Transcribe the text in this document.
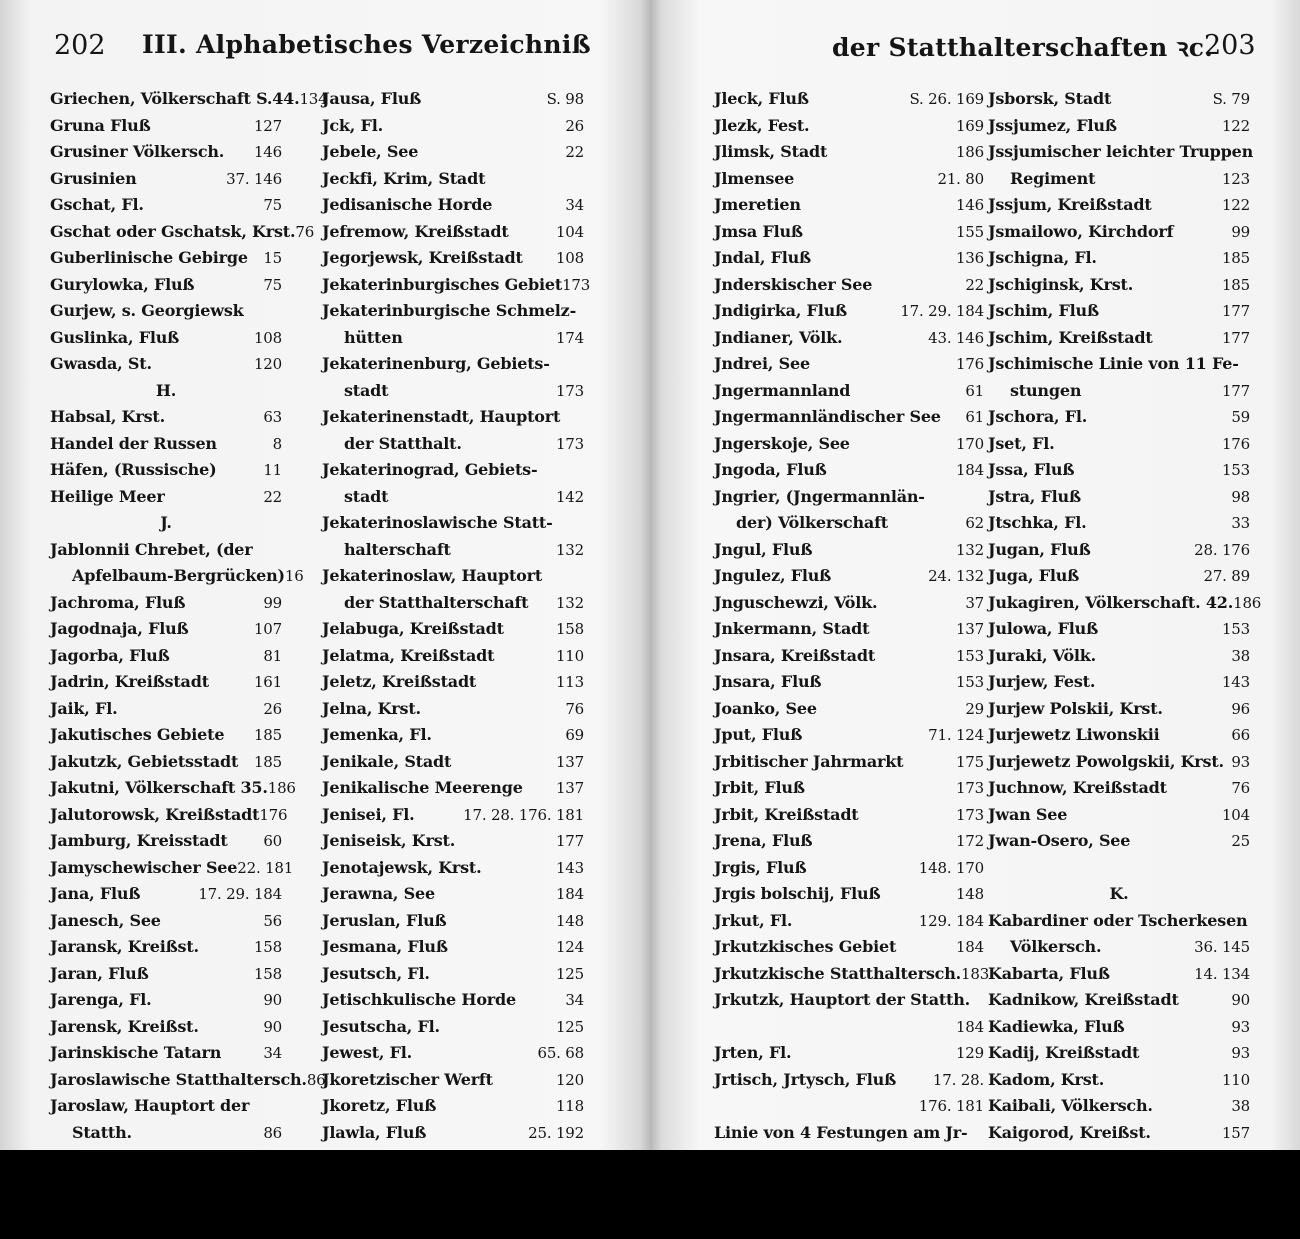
202 III. Alphabetisches Verzeichniß
Griechen, Völkerschaft S.44. 134
Gruna Fluß	127
Grusiner Völkersch.	146
Grusinien	37. 146
Gschat, Fl.	75
Gschat oder Gschatsk, Krst. 76
Guberlinische Gebirge	15
Gurylowka, Fluß	75
Gurjew, s. Georgiewsk
Guslinka, Fluß	108
Gwasda, St.	120
H.
Habsal, Krst.	63
Handel der Russen	8
Häfen, (Russische)	11
Heilige Meer	22
J.
Jablonnii Chrebet, (der
Apfelbaum-Bergrücken) 16
Jachroma, Fluß	99
Jagodnaja, Fluß	107
Jagorba, Fluß	81
Jadrin, Kreißstadt	161
Jaik, Fl.	26
Jakutisches Gebiete	185
Jakutzk, Gebietsstadt	185
Jakutni, Völkerschaft 35. 186
Jalutorowsk, Kreißstadt 176
Jamburg, Kreisstadt	60
Jamyschewischer See 22. 181
Jana, Fluß	17. 29. 184
Janesch, See	56
Jaransk, Kreißst.	158
Jaran, Fluß	158
Jarenga, Fl.	90
Jarensk, Kreißst.	90
Jarinskische Tatarn	34
Jaroslawische Statthaltersch. 86
Jaroslaw, Hauptort der
Statth.	86
Jausa, Fluß	S. 98
Jck, Fl.	26
Jebele, See	22
Jeckfi, Krim, Stadt
Jedisanische Horde	34
Jefremow, Kreißstadt	104
Jegorjewsk, Kreißstadt	108
Jekaterinburgisches Gebiet 173
Jekaterinburgische Schmelz-
hütten	174
Jekaterinenburg, Gebiets-
stadt	173
Jekaterinenstadt, Hauptort
der Statthalt.	173
Jekaterinograd, Gebiets-
stadt	142
Jekaterinoslawische Statt-
halterschaft	132
Jekaterinoslaw, Hauptort
der Statthalterschaft	132
Jelabuga, Kreißstadt	158
Jelatma, Kreißstadt	110
Jeletz, Kreißstadt	113
Jelna, Krst.	76
Jemenka, Fl.	69
Jenikale, Stadt	137
Jenikalische Meerenge	137
Jenisei, Fl.	17. 28. 176. 181
Jeniseisk, Krst.	177
Jenotajewsk, Krst.	143
Jerawna, See	184
Jeruslan, Fluß	148
Jesmana, Fluß	124
Jesutsch, Fl.	125
Jetischkulische Horde	34
Jesutscha, Fl.	125
Jewest, Fl.	65. 68
Jkoretzischer Werft	120
Jkoretz, Fluß	118
Jlawla, Fluß	25. 192
der Statthalterschaften ꝛc.
203
Jleck, Fluß	S. 26. 169
Jlezk, Fest.	169
Jlimsk, Stadt	186
Jlmensee	21. 80
Jmeretien	146
Jmsa Fluß	155
Jndal, Fluß	136
Jnderskischer See	22
Jndigirka, Fluß	17. 29. 184
Jndianer, Völk.	43. 146
Jndrei, See	176
Jngermannland	61
Jngermannländischer See	61
Jngerskoje, See	170
Jngoda, Fluß	184
Jngrier, (Jngermannlän-
der) Völkerschaft	62
Jngul, Fluß	132
Jngulez, Fluß	24. 132
Jnguschewzi, Völk.	37
Jnkermann, Stadt	137
Jnsara, Kreißstadt	153
Jnsara, Fluß	153
Joanko, See	29
Jput, Fluß	71. 124
Jrbitischer Jahrmarkt	175
Jrbit, Fluß	173
Jrbit, Kreißstadt	173
Jrena, Fluß	172
Jrgis, Fluß	148. 170
Jrgis bolschij, Fluß	148
Jrkut, Fl.	129. 184
Jrkutzkisches Gebiet	184
Jrkutzkische Statthaltersch. 183
Jrkutzk, Hauptort der Statth.
184
Jrten, Fl.	129
Jrtisch, Jrtysch, Fluß	17. 28.
176. 181
Linie von 4 Festungen am Jr-
Jsborsk, Stadt	S. 79
Jssjumez, Fluß	122
Jssjumischer leichter Truppen
Regiment	123
Jssjum, Kreißstadt	122
Jsmailowo, Kirchdorf	99
Jschigna, Fl.	185
Jschiginsk, Krst.	185
Jschim, Fluß	177
Jschim, Kreißstadt	177
Jschimische Linie von 11 Fe-
stungen	177
Jschora, Fl.	59
Jset, Fl.	176
Jssa, Fluß	153
Jstra, Fluß	98
Jtschka, Fl.	33
Jugan, Fluß	28. 176
Juga, Fluß	27. 89
Jukagiren, Völkerschaft. 42. 186
Julowa, Fluß	153
Juraki, Völk.	38
Jurjew, Fest.	143
Jurjew Polskii, Krst.	96
Jurjewetz Liwonskii	66
Jurjewetz Powolgskii, Krst. 93
Juchnow, Kreißstadt	76
Jwan See	104
Jwan-Osero, See	25
K.
Kabardiner oder Tscherkesen
Völkersch.	36. 145
Kabarta, Fluß	14. 134
Kadnikow, Kreißstadt	90
Kadiewka, Fluß	93
Kadij, Kreißstadt	93
Kadom, Krst.	110
Kaibali, Völkersch.	38
Kaigorod, Kreißst.	157
